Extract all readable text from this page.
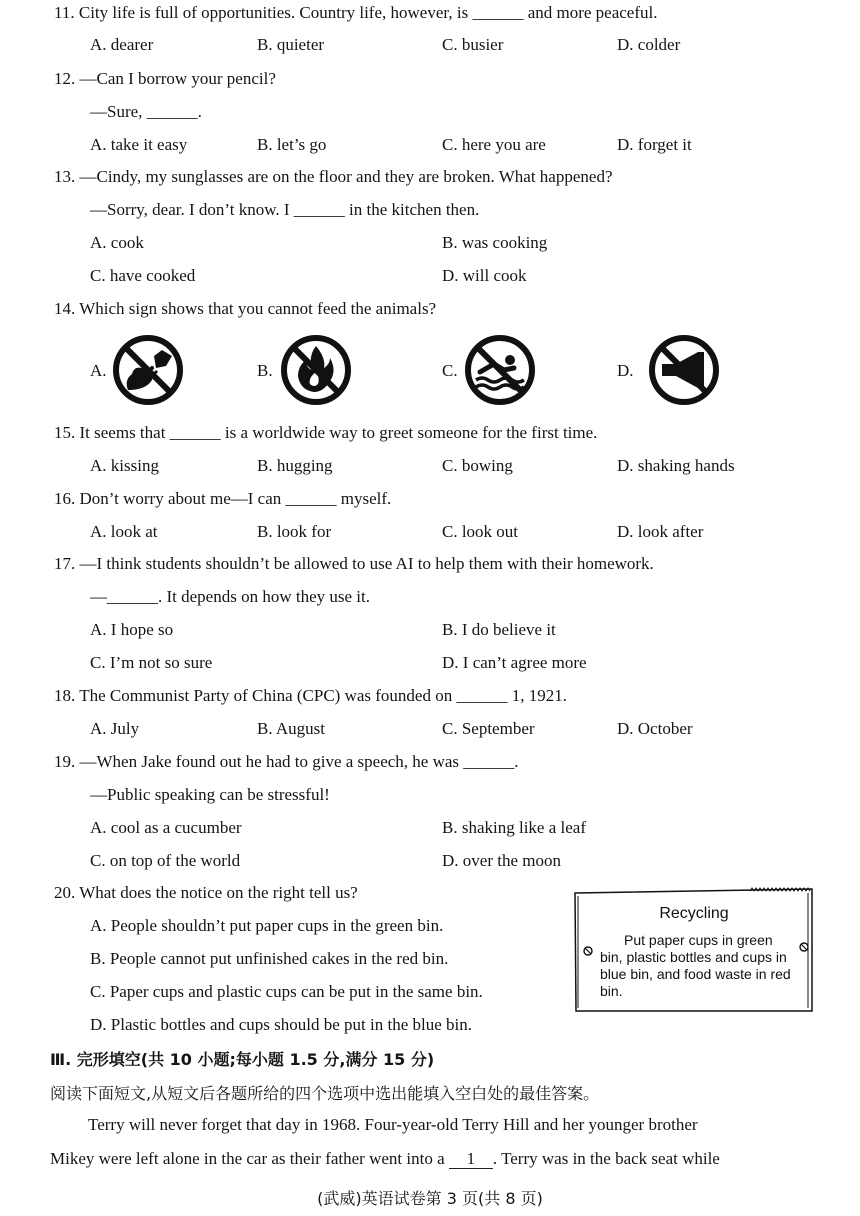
11. City life is full of opportunities. Country life, however, is ______ and more peaceful.
A. dearer	B. quieter	C. busier	D. colder
12. —Can I borrow your pencil?
—Sure, ______.
A. take it easy	B. let’s go	C. here you are	D. forget it
13. —Cindy, my sunglasses are on the floor and they are broken. What happened?
—Sorry, dear. I don’t know. I ______ in the kitchen then.
A. cook	B. was cooking
C. have cooked	D. will cook
14. Which sign shows that you cannot feed the animals?
A.	B.	C.	D.
15. It seems that ______ is a worldwide way to greet someone for the first time.
A. kissing	B. hugging	C. bowing	D. shaking hands
16. Don’t worry about me—I can ______ myself.
A. look at	B. look for	C. look out	D. look after
17. —I think students shouldn’t be allowed to use AI to help them with their homework.
—______. It depends on how they use it.
A. I hope so	B. I do believe it
C. I’m not so sure	D. I can’t agree more
18. The Communist Party of China (CPC) was founded on ______ 1, 1921.
A. July	B. August	C. September	D. October
19. —When Jake found out he had to give a speech, he was ______.
—Public speaking can be stressful!
A. cool as a cucumber	B. shaking like a leaf
C. on top of the world	D. over the moon
20. What does the notice on the right tell us?
A. People shouldn’t put paper cups in the green bin.
B. People cannot put unfinished cakes in the red bin.
C. Paper cups and plastic cups can be put in the same bin.
D. Plastic bottles and cups should be put in the blue bin.
Recycling
Put paper cups in green
bin, plastic bottles and cups in blue bin, and food waste in red bin.
Ⅲ. 完形填空(共 10 小题;每小题 1.5 分,满分 15 分)
阅读下面短文,从短文后各题所给的四个选项中选出能填入空白处的最佳答案。
Terry will never forget that day in 1968. Four-year-old Terry Hill and her younger brother
Mikey were left alone in the car as their father went into a 1 . Terry was in the back seat while
(武威)英语试卷第 3 页(共 8 页)
